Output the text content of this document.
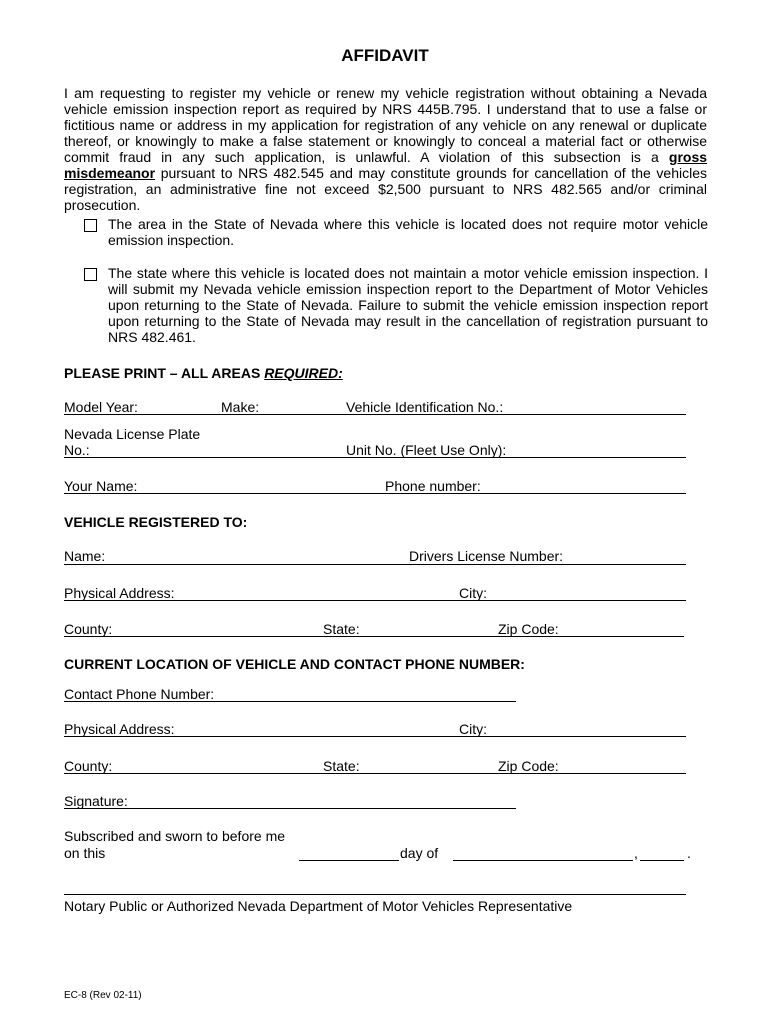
AFFIDAVIT
I am requesting to register my vehicle or renew my vehicle registration without obtaining a Nevada vehicle emission inspection report as required by NRS 445B.795. I understand that to use a false or fictitious name or address in my application for registration of any vehicle on any renewal or duplicate thereof, or knowingly to make a false statement or knowingly to conceal a material fact or otherwise commit fraud in any such application, is unlawful. A violation of this subsection is a gross misdemeanor pursuant to NRS 482.545 and may constitute grounds for cancellation of the vehicles registration, an administrative fine not exceed $2,500 pursuant to NRS 482.565 and/or criminal prosecution.
The area in the State of Nevada where this vehicle is located does not require motor vehicle emission inspection.
The state where this vehicle is located does not maintain a motor vehicle emission inspection. I will submit my Nevada vehicle emission inspection report to the Department of Motor Vehicles upon returning to the State of Nevada. Failure to submit the vehicle emission inspection report upon returning to the State of Nevada may result in the cancellation of registration pursuant to NRS 482.461.
PLEASE PRINT – ALL AREAS REQUIRED:
Model Year:	Make:	Vehicle Identification No.:
Nevada License Plate
No.:	Unit No. (Fleet Use Only):
Your Name:	Phone number:
VEHICLE REGISTERED TO:
Name:	Drivers License Number:
Physical Address:	City:
County:	State:	Zip Code:
CURRENT LOCATION OF VEHICLE AND CONTACT PHONE NUMBER:
Contact Phone Number:
Physical Address:	City:
County:	State:	Zip Code:
Signature:
Subscribed and sworn to before me
on this	day of	,	.
Notary Public or Authorized Nevada Department of Motor Vehicles Representative
EC-8 (Rev 02-11)
